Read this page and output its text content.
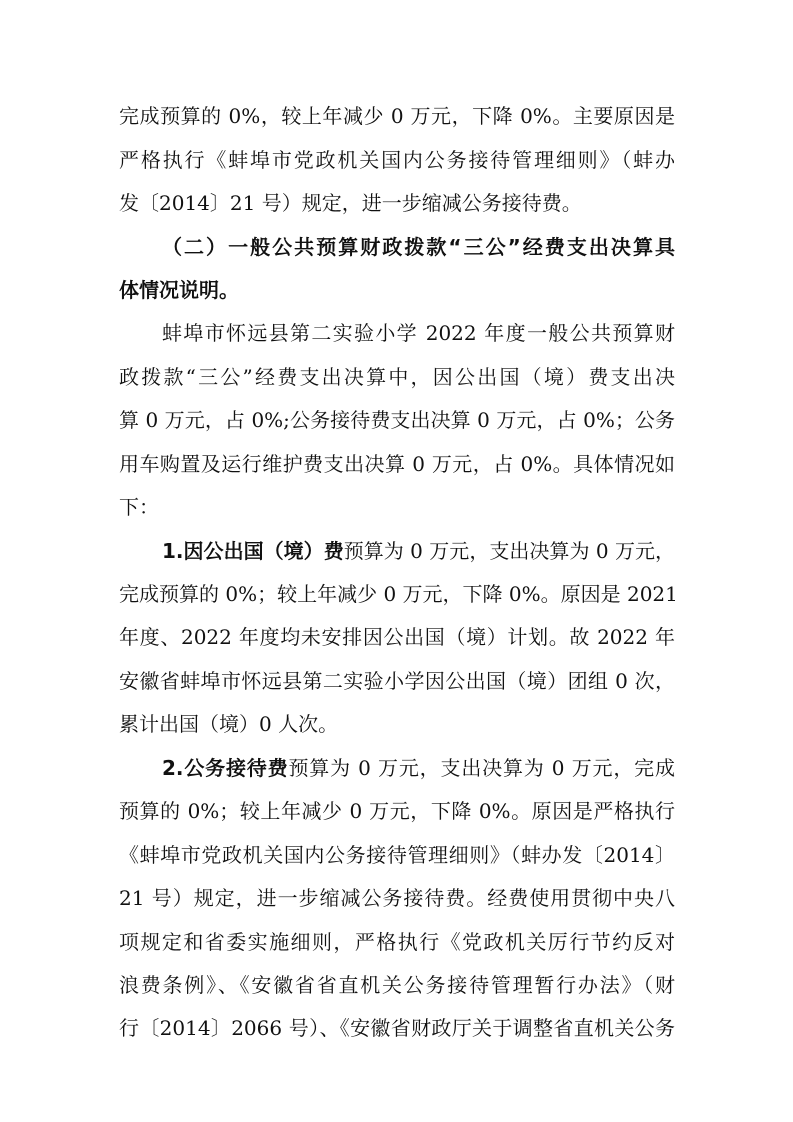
完成预算的 0%，较上年减少 0 万元，下降 0%。主要原因是
严格执行《蚌埠市党政机关国内公务接待管理细则》（蚌办
发〔2014〕21 号）规定，进一步缩减公务接待费。
（二）一般公共预算财政拨款“三公”经费支出决算具
体情况说明。
蚌埠市怀远县第二实验小学 2022 年度一般公共预算财
政拨款“三公”经费支出决算中，因公出国（境）费支出决
算 0 万元，占 0%;公务接待费支出决算 0 万元，占 0%；公务
用车购置及运行维护费支出决算 0 万元，占 0%。具体情况如
下：
1.因公出国（境）费预算为 0 万元，支出决算为 0 万元，
完成预算的 0%；较上年减少 0 万元，下降 0%。原因是 2021
年度、2022 年度均未安排因公出国（境）计划。故 2022 年
安徽省蚌埠市怀远县第二实验小学因公出国（境）团组 0 次，
累计出国（境）0 人次。
2.公务接待费预算为 0 万元，支出决算为 0 万元，完成
预算的 0%；较上年减少 0 万元，下降 0%。原因是严格执行
《蚌埠市党政机关国内公务接待管理细则》（蚌办发〔2014〕
21 号）规定，进一步缩减公务接待费。经费使用贯彻中央八
项规定和省委实施细则，严格执行《党政机关厉行节约反对
浪费条例》、《安徽省省直机关公务接待管理暂行办法》（财
行〔2014〕2066 号）、《安徽省财政厅关于调整省直机关公务
